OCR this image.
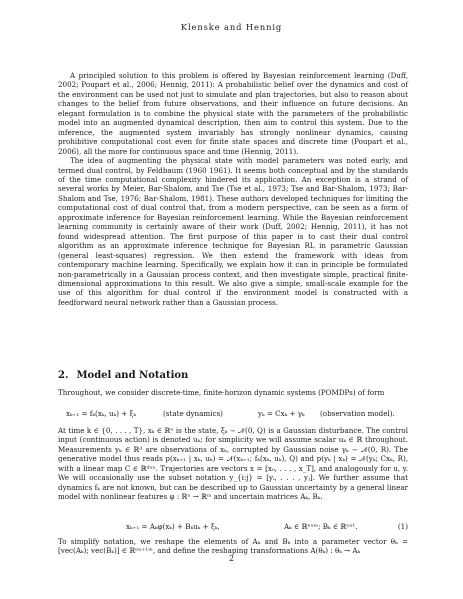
Klenske and Hennig

A principled solution to this problem is offered by Bayesian reinforcement learning (Duff, 2002; Poupart et al., 2006; Hennig, 2011): A probabilistic belief over the dynamics and cost of the environment can be used not just to simulate and plan trajectories, but also to reason about changes to the belief from future observations, and their influence on future decisions. An elegant formulation is to combine the physical state with the parameters of the probabilistic model into an augmented dynamical description, then aim to control this system. Due to the inference, the augmented system invariably has strongly nonlinear dynamics, causing prohibitive computational cost even for finite state spaces and discrete time (Poupart et al., 2006), all the more for continuous space and time (Hennig, 2011).

The idea of augmenting the physical state with model parameters was noted early, and termed dual control, by Feldbaum (1960 1961). It seems both conceptual and by the standards of the time computational complexity hindered its application. An exception is a strand of several works by Meier, Bar-Shalom, and Tse (Tse et al., 1973; Tse and Bar-Shalom, 1973; Bar-Shalom and Tse, 1976; Bar-Shalom, 1981). These authors developed techniques for limiting the computational cost of dual control that, from a modern perspective, can be seen as a form of approximate inference for Bayesian reinforcement learning. While the Bayesian reinforcement learning community is certainly aware of their work (Duff, 2002; Hennig, 2011), it has not found widespread attention. The first purpose of this paper is to cast their dual control algorithm as an approximate inference technique for Bayesian RL in parametric Gaussian (general least-squares) regression. We then extend the framework with ideas from contemporary machine learning. Specifically, we explain how it can in principle be formulated non-parametrically in a Gaussian process context, and then investigate simple, practical finite-dimensional approximations to this result. We also give a simple, small-scale example for the use of this algorithm for dual control if the environment model is constructed with a feedforward neural network rather than a Gaussian process.

2. Model and Notation

Throughout, we consider discrete-time, finite-horizon dynamic systems (POMDPs) of form

xₖ₊₁ = fₖ(xₖ, uₖ) + ξₖ	(state dynamics)	yₖ = Cxₖ + γₖ (observation model).

At time k ∈ {0, . . . , T}, xₖ ∈ ℝⁿ is the state, ξₖ ∼ 𝒩(0, Q) is a Gaussian disturbance. The control input (continuous action) is denoted uₖ; for simplicity we will assume scalar uₖ ∈ ℝ throughout. Measurements yₖ ∈ ℝᵈ are observations of xₖ, corrupted by Gaussian noise γₖ ∼ 𝒩(0, R). The generative model thus reads p(xₖ₊₁ | xₖ, uₖ) = 𝒩(xₖ₊₁; fₖ(xₖ, uₖ), Q) and p(yₖ | xₖ) = 𝒩(yₖ; Cxₖ, R), with a linear map C ∈ ℝᵈˣⁿ. Trajectories are vectors x = [x₀, . . . , x_T], and analogously for u, y. We will occasionally use the subset notation y_{i:j} = [yᵢ, . . . , yⱼ]. We further assume that dynamics fₖ are not known, but can be described up to Gaussian uncertainty by a general linear model with nonlinear features φ : ℝⁿ → ℝᵐ and uncertain matrices Aₖ, Bₖ.

xₖ₊₁ = Aₖφ(xₖ) + Bₖuₖ + ξₖ,	Aₖ ∈ ℝⁿˣᵐ; Bₖ ∈ ℝⁿˣ¹.	(1)

To simplify notation, we reshape the elements of Aₖ and Bₖ into a parameter vector θₖ = [vec(Aₖ); vec(Bₖ)] ∈ ℝ⁽ᵐ⁺¹⁾ⁿ, and define the reshaping transformations A(θₖ) : θₖ → Aₖ

2
